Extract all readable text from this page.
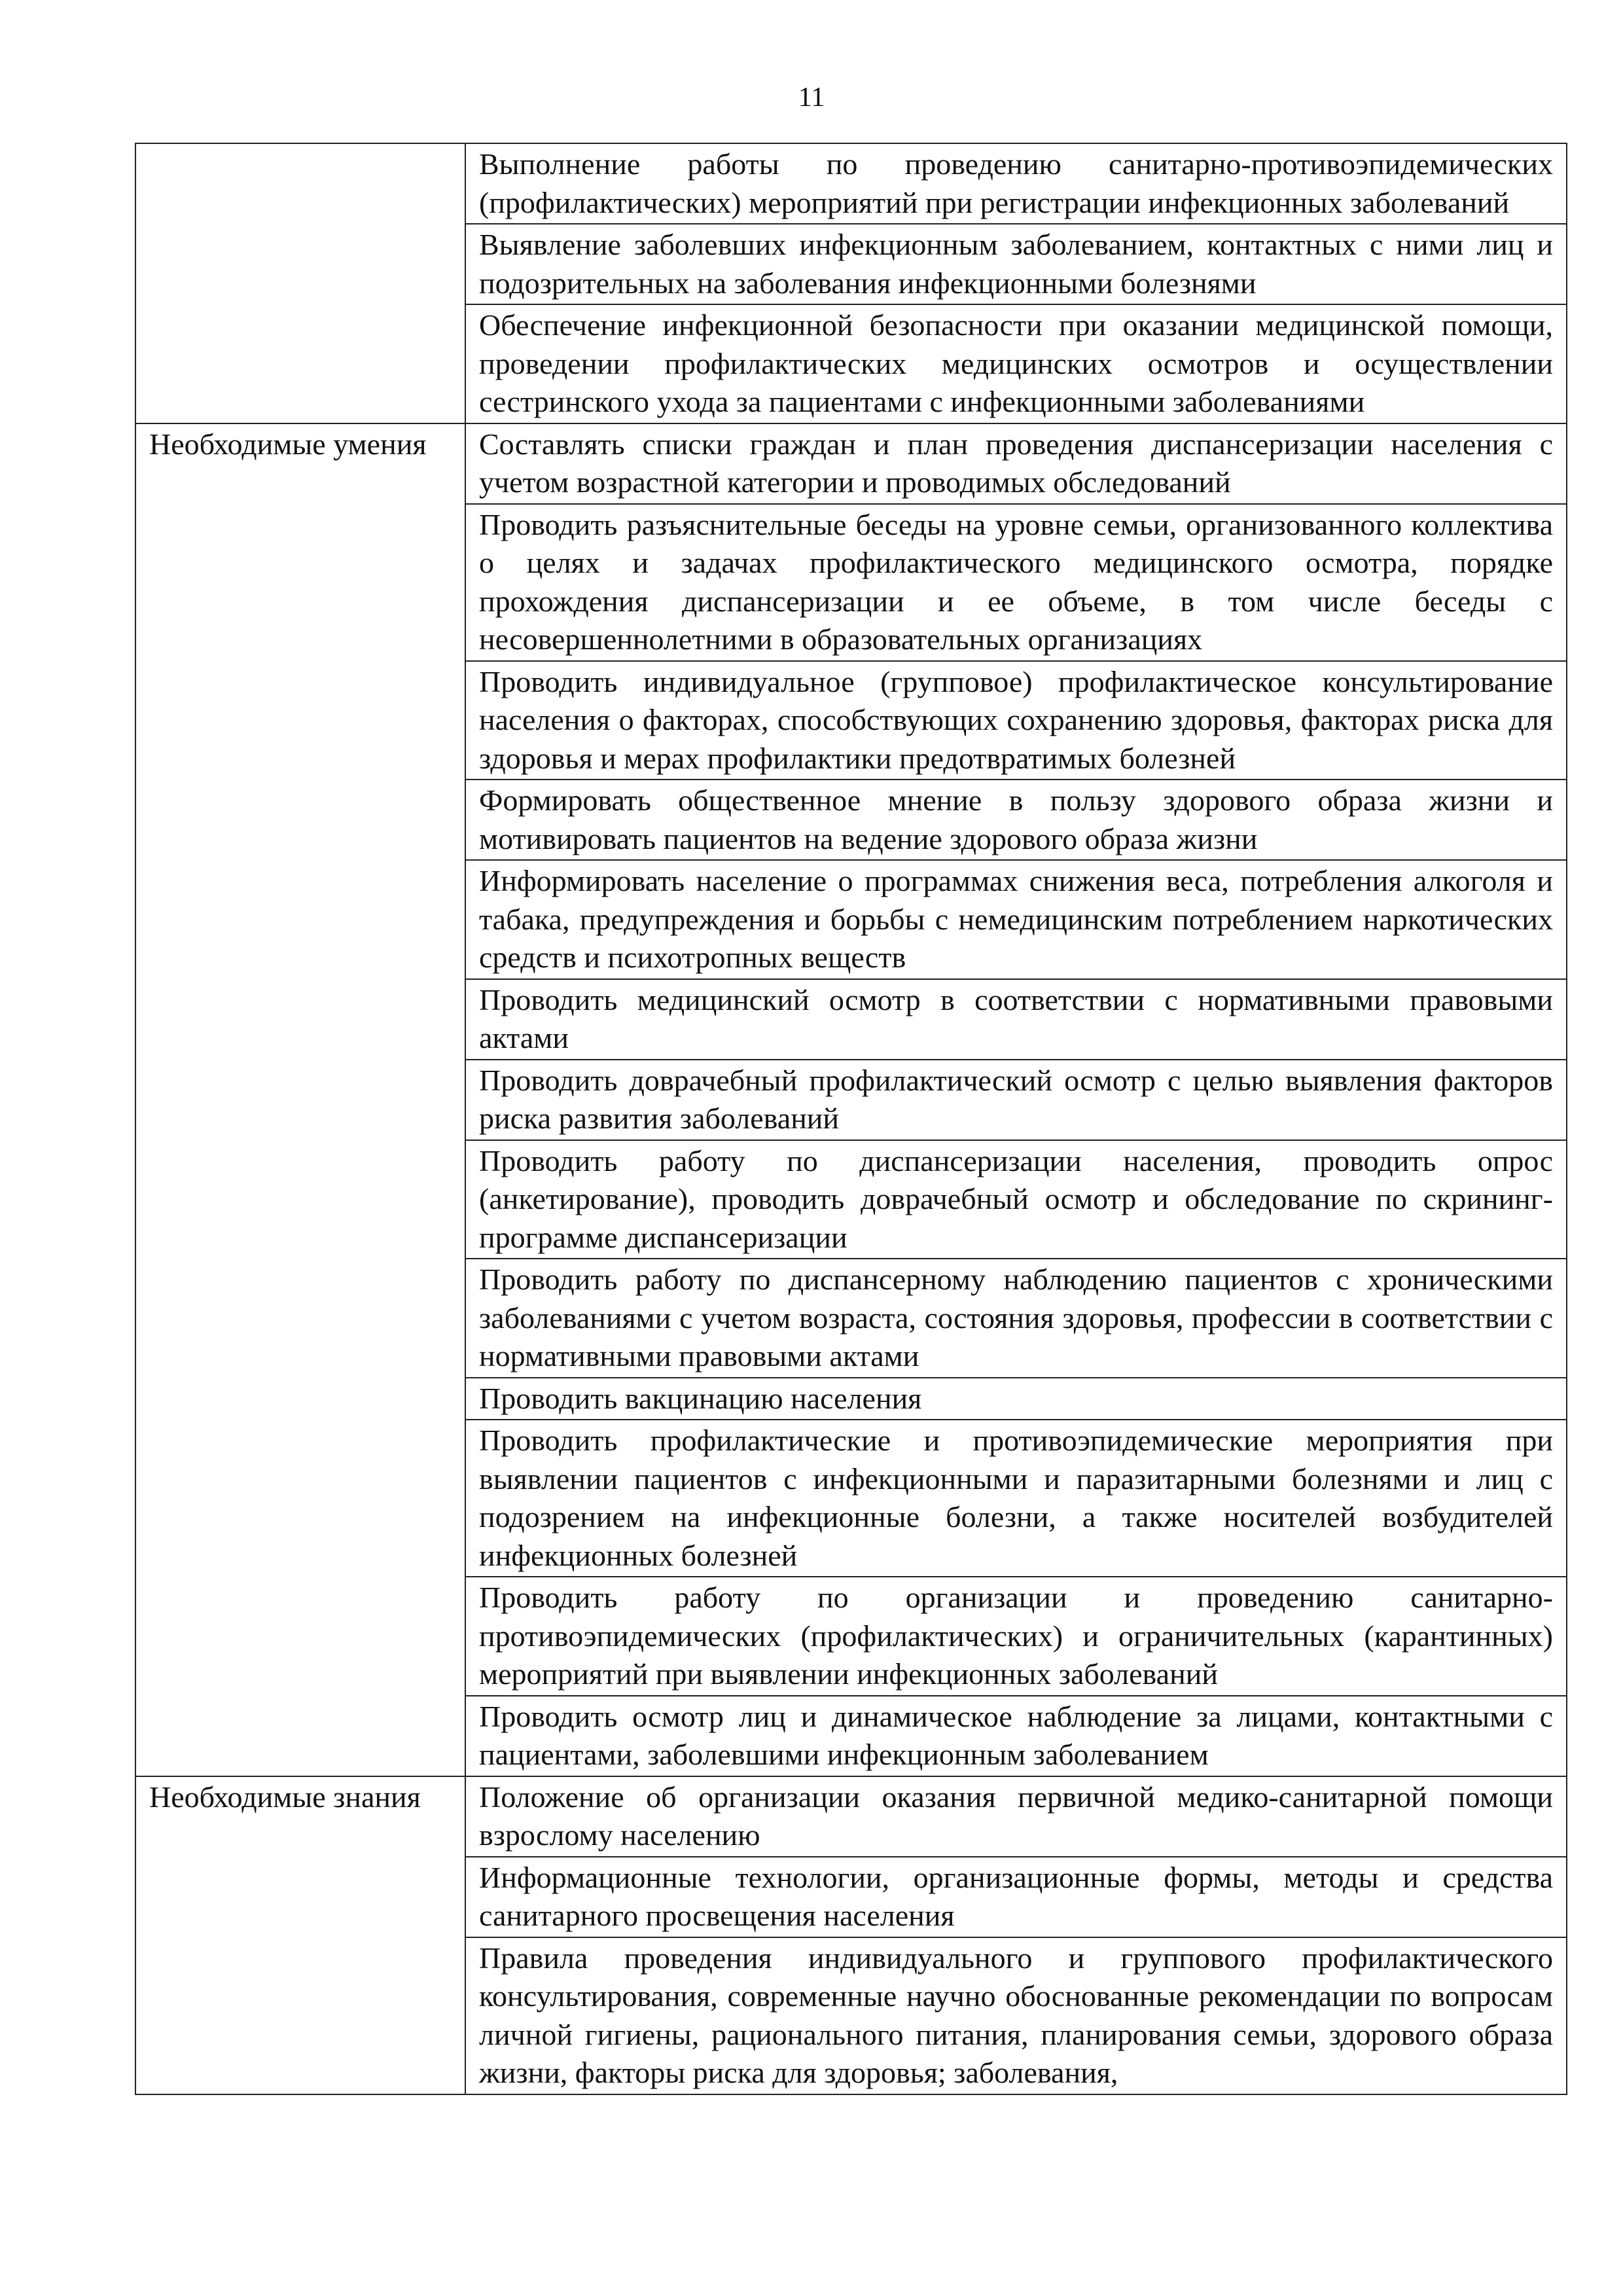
11
	Выполнение работы по проведению санитарно-противоэпидемических (профилактических) мероприятий при регистрации инфекционных заболеваний
	Выявление заболевших инфекционным заболеванием, контактных с ними лиц и подозрительных на заболевания инфекционными болезнями
	Обеспечение инфекционной безопасности при оказании медицинской помощи, проведении профилактических медицинских осмотров и осуществлении сестринского ухода за пациентами с инфекционными заболеваниями
Необходимые умения	Составлять списки граждан и план проведения диспансеризации населения с учетом возрастной категории и проводимых обследований
	Проводить разъяснительные беседы на уровне семьи, организованного коллектива о целях и задачах профилактического медицинского осмотра, порядке прохождения диспансеризации и ее объеме, в том числе беседы с несовершеннолетними в образовательных организациях
	Проводить индивидуальное (групповое) профилактическое консультирование населения о факторах, способствующих сохранению здоровья, факторах риска для здоровья и мерах профилактики предотвратимых болезней
	Формировать общественное мнение в пользу здорового образа жизни и мотивировать пациентов на ведение здорового образа жизни
	Информировать население о программах снижения веса, потребления алкоголя и табака, предупреждения и борьбы с немедицинским потреблением наркотических средств и психотропных веществ
	Проводить медицинский осмотр в соответствии с нормативными правовыми актами
	Проводить доврачебный профилактический осмотр с целью выявления факторов риска развития заболеваний
	Проводить работу по диспансеризации населения, проводить опрос (анкетирование), проводить доврачебный осмотр и обследование по скрининг-программе диспансеризации
	Проводить работу по диспансерному наблюдению пациентов с хроническими заболеваниями с учетом возраста, состояния здоровья, профессии в соответствии с нормативными правовыми актами
	Проводить вакцинацию населения
	Проводить профилактические и противоэпидемические мероприятия при выявлении пациентов с инфекционными и паразитарными болезнями и лиц с подозрением на инфекционные болезни, а также носителей возбудителей инфекционных болезней
	Проводить работу по организации и проведению санитарно-противоэпидемических (профилактических) и ограничительных (карантинных) мероприятий при выявлении инфекционных заболеваний
	Проводить осмотр лиц и динамическое наблюдение за лицами, контактными с пациентами, заболевшими инфекционным заболеванием
Необходимые знания	Положение об организации оказания первичной медико-санитарной помощи взрослому населению
	Информационные технологии, организационные формы, методы и средства санитарного просвещения населения
	Правила проведения индивидуального и группового профилактического консультирования, современные научно обоснованные рекомендации по вопросам личной гигиены, рационального питания, планирования семьи, здорового образа жизни, факторы риска для здоровья; заболевания,
